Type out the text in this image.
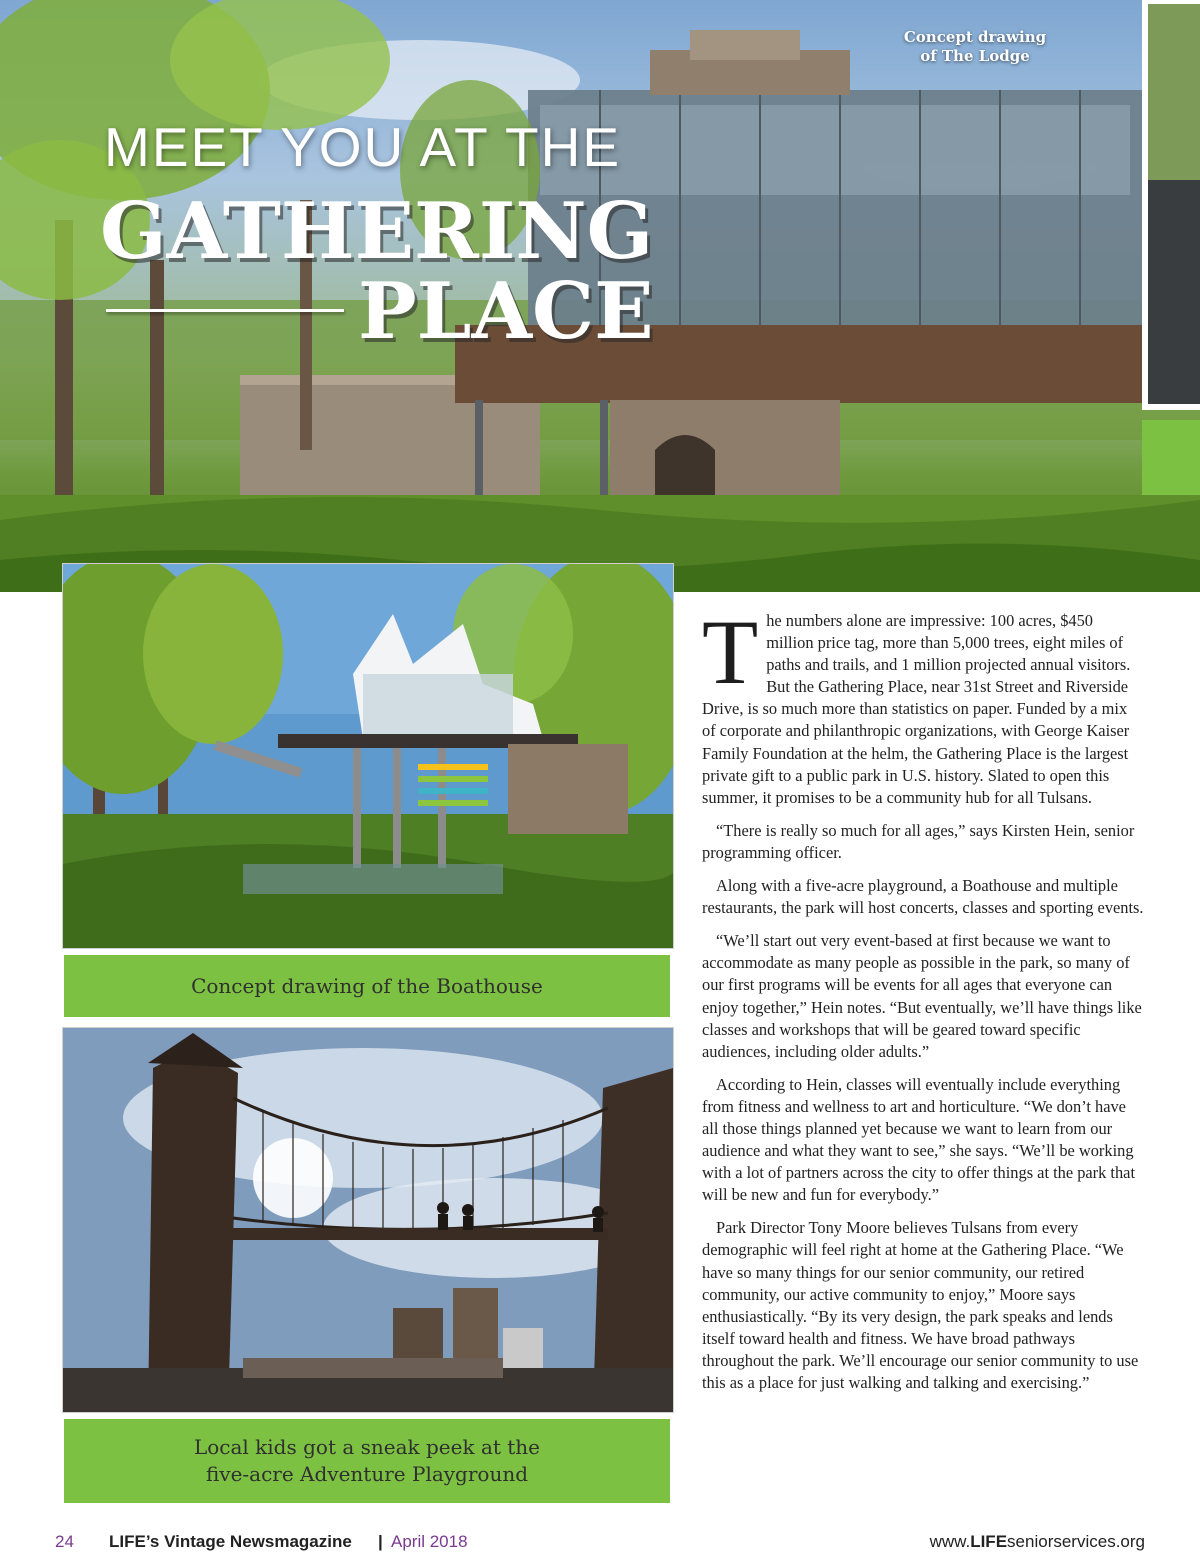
Concept drawing
of The Lodge
MEET YOU AT THE
GATHERING
PLACE
Concept drawing of the Boathouse
Local kids got a sneak peek at the
five-acre Adventure Playground

The numbers alone are impressive: 100 acres, $450 million price tag, more than 5,000 trees, eight miles of paths and trails, and 1 million projected annual visitors. But the Gathering Place, near 31st Street and Riverside Drive, is so much more than statistics on paper. Funded by a mix of corporate and philanthropic organizations, with George Kaiser Family Foundation at the helm, the Gathering Place is the largest private gift to a public park in U.S. history. Slated to open this summer, it promises to be a community hub for all Tulsans.

“There is really so much for all ages,” says Kirsten Hein, senior programming officer.

Along with a five-acre playground, a Boathouse and multiple restaurants, the park will host concerts, classes and sporting events.

“We’ll start out very event-based at first because we want to accommodate as many people as possible in the park, so many of our first programs will be events for all ages that everyone can enjoy together,” Hein notes. “But eventually, we’ll have things like classes and workshops that will be geared toward specific audiences, including older adults.”

According to Hein, classes will eventually include everything from fitness and wellness to art and horticulture. “We don’t have all those things planned yet because we want to learn from our audience and what they want to see,” she says. “We’ll be working with a lot of partners across the city to offer things at the park that will be new and fun for everybody.”

Park Director Tony Moore believes Tulsans from every demographic will feel right at home at the Gathering Place. “We have so many things for our senior community, our retired community, our active community to enjoy,” Moore says enthusiastically. “By its very design, the park speaks and lends itself toward health and fitness. We have broad pathways throughout the park. We’ll encourage our senior community to use this as a place for just walking and talking and exercising.”

24 LIFE’s Vintage Newsmagazine | April 2018	www.LIFEseniorservices.org
